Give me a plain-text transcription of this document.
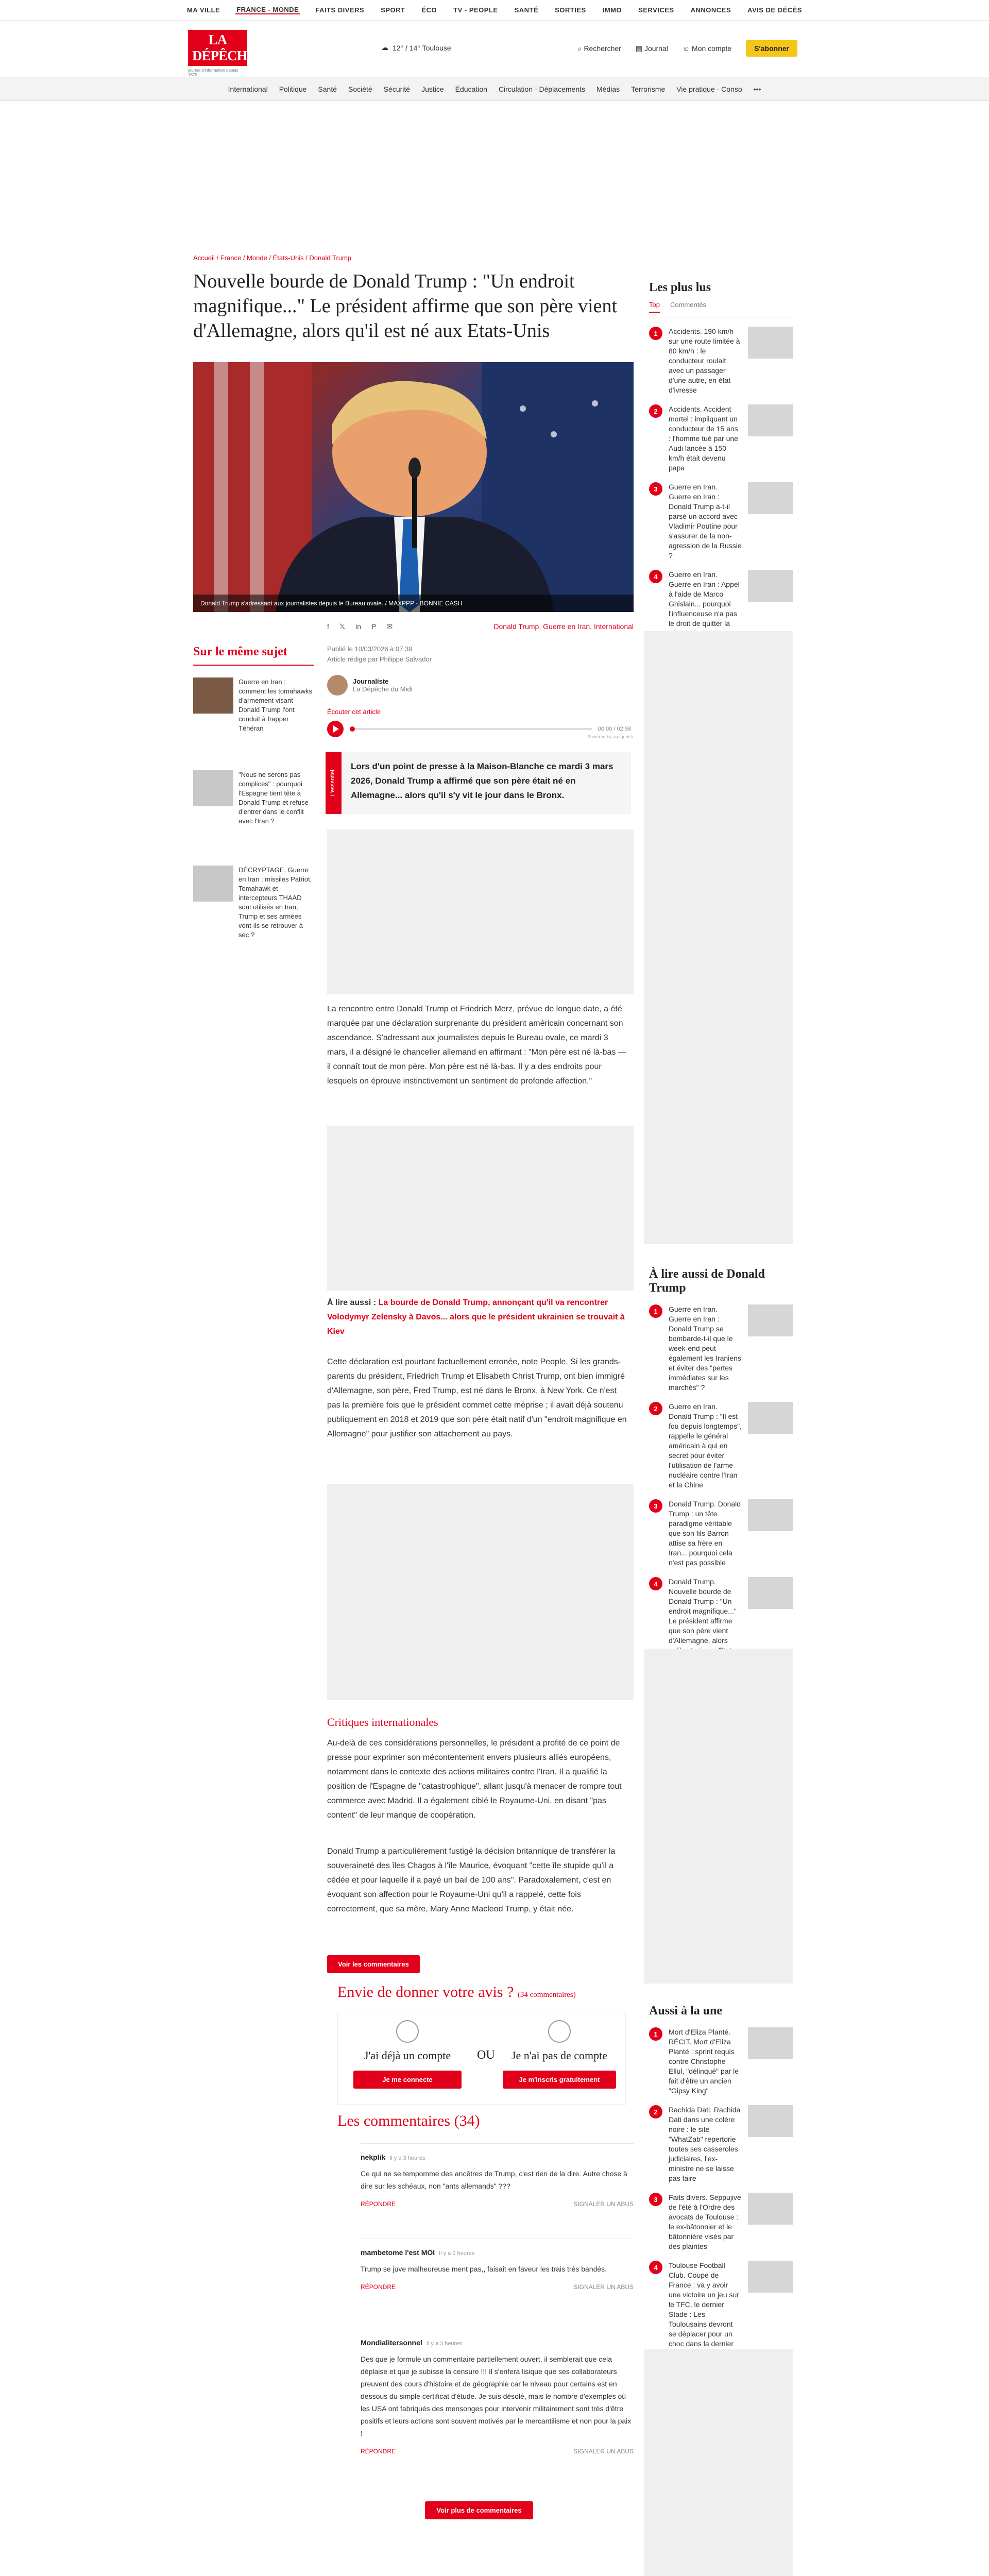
MA VILLE FRANCE - MONDE FAITS DIVERS SPORT ÉCO TV - PEOPLE SANTÉ SORTIES IMMO SERVICES ANNONCES AVIS DE DÉCÈS
LA DÉPÊCHE
journal d'information depuis 1870
☁ 12° / 14° Toulouse	⌕ Rechercher ▤ Journal ☺ Mon compte	S'abonner
International Politique Santé Société Sécurité Justice Éducation Circulation - Déplacements Médias Terrorisme Vie pratique - Conso •••
Accueil / France / Monde / États-Unis / Donald Trump
Nouvelle bourde de Donald Trump : "Un endroit magnifique..." Le président affirme que son père vient d'Allemagne, alors qu'il est né aux Etats-Unis
Donald Trump s'adressant aux journalistes depuis le Bureau ovale. / MAXPPP - BONNIE CASH
f 𝕏 in P ✉	Donald Trump, Guerre en Iran, International
Publié le 10/03/2026 à 07:39
Article rédigé par Philippe Salvador
Journaliste
La Dépêche du Midi
Écouter cet article
00:00 / 02:58
Powered by ausgerich
L'essentiel
Lors d'un point de presse à la Maison-Blanche ce mardi 3 mars 2026, Donald Trump a affirmé que son père était né en Allemagne... alors qu'il s'y vit le jour dans le Bronx.

La rencontre entre Donald Trump et Friedrich Merz, prévue de longue date, a été marquée par une déclaration surprenante du président américain concernant son ascendance. S'adressant aux journalistes depuis le Bureau ovale, ce mardi 3 mars, il a désigné le chancelier allemand en affirmant : "Mon père est né là-bas — il connaît tout de mon père. Mon père est né là-bas. Il y a des endroits pour lesquels on éprouve instinctivement un sentiment de profonde affection."

À lire aussi : La bourde de Donald Trump, annonçant qu'il va rencontrer Volodymyr Zelensky à Davos... alors que le président ukrainien se trouvait à Kiev

Cette déclaration est pourtant factuellement erronée, note People. Si les grands-parents du président, Friedrich Trump et Elisabeth Christ Trump, ont bien immigré d'Allemagne, son père, Fred Trump, est né dans le Bronx, à New York. Ce n'est pas la première fois que le président commet cette méprise ; il avait déjà soutenu publiquement en 2018 et 2019 que son père était natif d'un "endroit magnifique en Allemagne" pour justifier son attachement au pays.

Critiques internationales

Au-delà de ces considérations personnelles, le président a profité de ce point de presse pour exprimer son mécontentement envers plusieurs alliés européens, notamment dans le contexte des actions militaires contre l'Iran. Il a qualifié la position de l'Espagne de "catastrophique", allant jusqu'à menacer de rompre tout commerce avec Madrid. Il a également ciblé le Royaume-Uni, en disant "pas content" de leur manque de coopération.

Donald Trump a particulièrement fustigé la décision britannique de transférer la souveraineté des îles Chagos à l'île Maurice, évoquant "cette île stupide qu'il a cédée et pour laquelle il a payé un bail de 100 ans". Paradoxalement, c'est en évoquant son affection pour le Royaume-Uni qu'il a rappelé, cette fois correctement, que sa mère, Mary Anne Macleod Trump, y était née.

Voir les commentaires
Envie de donner votre avis ? (34 commentaires)
J'ai déjà un compte
Je me connecte
OU	Je n'ai pas de compte
Je m'inscris gratuitement
Les commentaires (34)
nekplik Il y a 3 heures
Ce qui ne se tempomme des ancêtres de Trump, c'est rien de la dire. Autre chose à dire sur les schéaux, non "ants allemands" ???
RÉPONDRE	SIGNALER UN ABUS
mambetome l'est MOI Il y a 2 heures
Trump se juve malheureuse ment pas,, faisait en faveur les trais très bandés.
RÉPONDRE	SIGNALER UN ABUS
Mondialitersonnel Il y a 3 heures
Des que je formule un commentaire partiellement ouvert, il semblerait que cela déplaise et que je subisse la censure !!! Il s'enfera lisique que ses collaborateurs preuvent des cours d'histoire et de géographie car le niveau pour certains est en dessous du simple certificat d'étude. Je suis désolé, mais le nombre d'exemples où les USA ont fabriqués des mensonges pour intervenir militairement sont très d'être positifs et leurs actions sont souvent motivés par le mercantilisme et non pour la paix !
RÉPONDRE	SIGNALER UN ABUS
Voir plus de commentaires
Sur le même sujet
Guerre en Iran : comment les tomahawks d'armement visant Donald Trump l'ont conduit à frapper Téhéran
"Nous ne serons pas complices" : pourquoi l'Espagne tient tête à Donald Trump et refuse d'entrer dans le conflit avec l'Iran ?
DÉCRYPTAGE. Guerre en Iran : missiles Patriot, Tomahawk et intercepteurs THAAD sont utilisés en Iran, Trump et ses armées vont-ils se retrouver à sec ?
Les plus lus
Top Commentés
1	Accidents. 190 km/h sur une route limitée à 80 km/h : le conducteur roulait avec un passager d'une autre, en état d'ivresse
2	Accidents. Accident mortel : impliquant un conducteur de 15 ans : l'homme tué par une Audi lancée à 150 km/h était devenu papa
3	Guerre en Iran. Guerre en Iran : Donald Trump a-t-il parsé un accord avec Vladimir Poutine pour s'assurer de la non-agression de la Russie ?
4	Guerre en Iran. Guerre en Iran : Appel à l'aide de Marco Ghislain... pourquoi l'influenceuse n'a pas le droit de quitter la
À lire aussi de Donald Trump
1	Guerre en Iran. Guerre en Iran : Donald Trump se bombarde-t-il que le week-end peut également les Iraniens et éviter des "pertes immédiates sur les marchés" ?
2	Guerre en Iran. Donald Trump : "Il est fou depuis longtemps", rappelle le général américain à qui en secret pour éviter l'utilisation de l'arme nucléaire contre l'Iran et la Chine
3	Donald Trump. Donald Trump : un tête paradigme véritable que son fils Barron attise sa frère en Iran... pourquoi cela n'est pas possible
4	Donald Trump. Nouvelle bourde de Donald Trump : "Un endroit magnifique..." Le président affirme que son père vient d'Allemagne, alors
Aussi à la une
1	Mort d'Eliza Planté. RÉCIT. Mort d'Eliza Planté : sprint requis contre Christophe Ellul, "délinqué" par le fait d'être un ancien "Gipsy King"
2	Rachida Dati. Rachida Dati dans une colère noire : le site "WhatZab" repertorie toutes ses casseroles judiciaires, l'ex-ministre ne se laisse pas faire
3	Faits divers. Seppujive de l'été à l'Ordre des avocats de Toulouse : le ex-bâtonnier et le bâtonnière visés par des plaintes
4	Toulouse Football Club. Coupe de France : va y avoir une victoire un jeu sur le TFC, le dernier Stade : Les Toulousains devront se déplacer pour un choc dans la dernier
